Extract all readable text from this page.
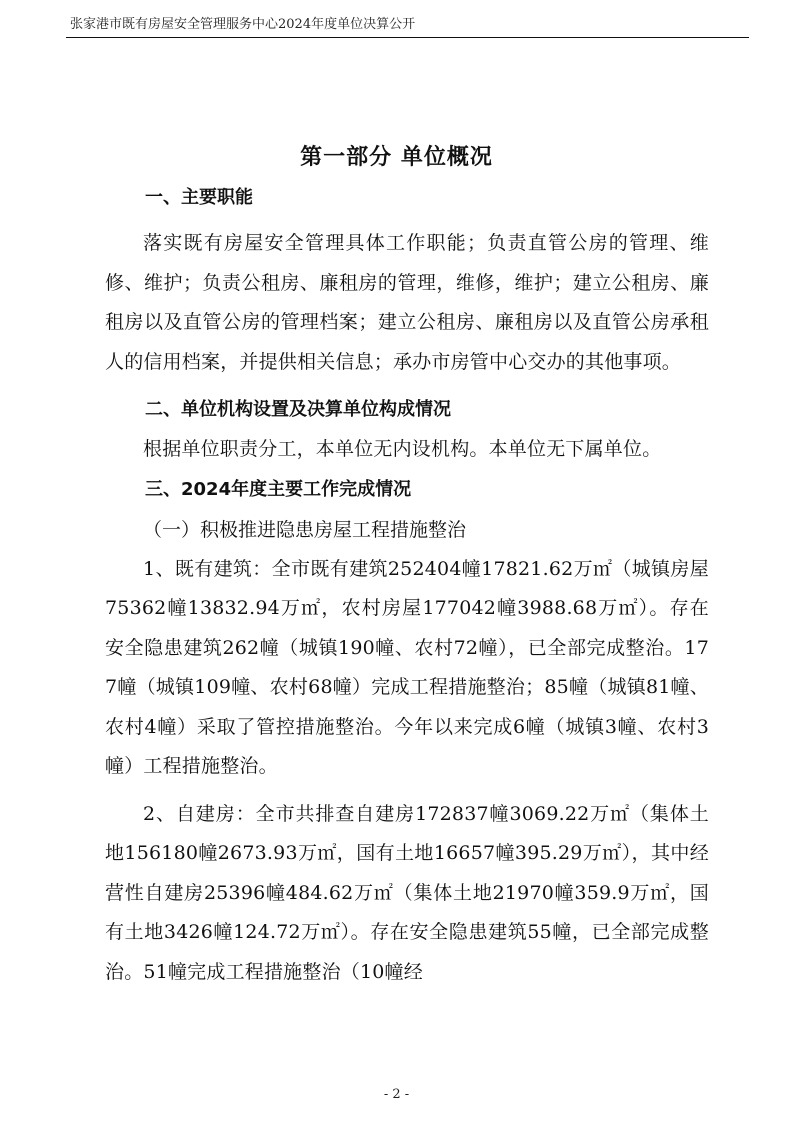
张家港市既有房屋安全管理服务中心2024年度单位决算公开
第一部分 单位概况
一、主要职能

落实既有房屋安全管理具体工作职能；负责直管公房的管理、维修、维护；负责公租房、廉租房的管理，维修，维护；建立公租房、廉租房以及直管公房的管理档案；建立公租房、廉租房以及直管公房承租人的信用档案，并提供相关信息；承办市房管中心交办的其他事项。

二、单位机构设置及决算单位构成情况

根据单位职责分工，本单位无内设机构。本单位无下属单位。

三、2024年度主要工作完成情况

（一）积极推进隐患房屋工程措施整治

1、既有建筑：全市既有建筑252404幢17821.62万㎡（城镇房屋75362幢13832.94万㎡，农村房屋177042幢3988.68万㎡）。存在安全隐患建筑262幢（城镇190幢、农村72幢），已全部完成整治。177幢（城镇109幢、农村68幢）完成工程措施整治；85幢（城镇81幢、农村4幢）采取了管控措施整治。今年以来完成6幢（城镇3幢、农村3幢）工程措施整治。

2、自建房：全市共排查自建房172837幢3069.22万㎡（集体土地156180幢2673.93万㎡，国有土地16657幢395.29万㎡），其中经营性自建房25396幢484.62万㎡（集体土地21970幢359.9万㎡，国有土地3426幢124.72万㎡）。存在安全隐患建筑55幢，已全部完成整治。51幢完成工程措施整治（10幢经

- 2 -
